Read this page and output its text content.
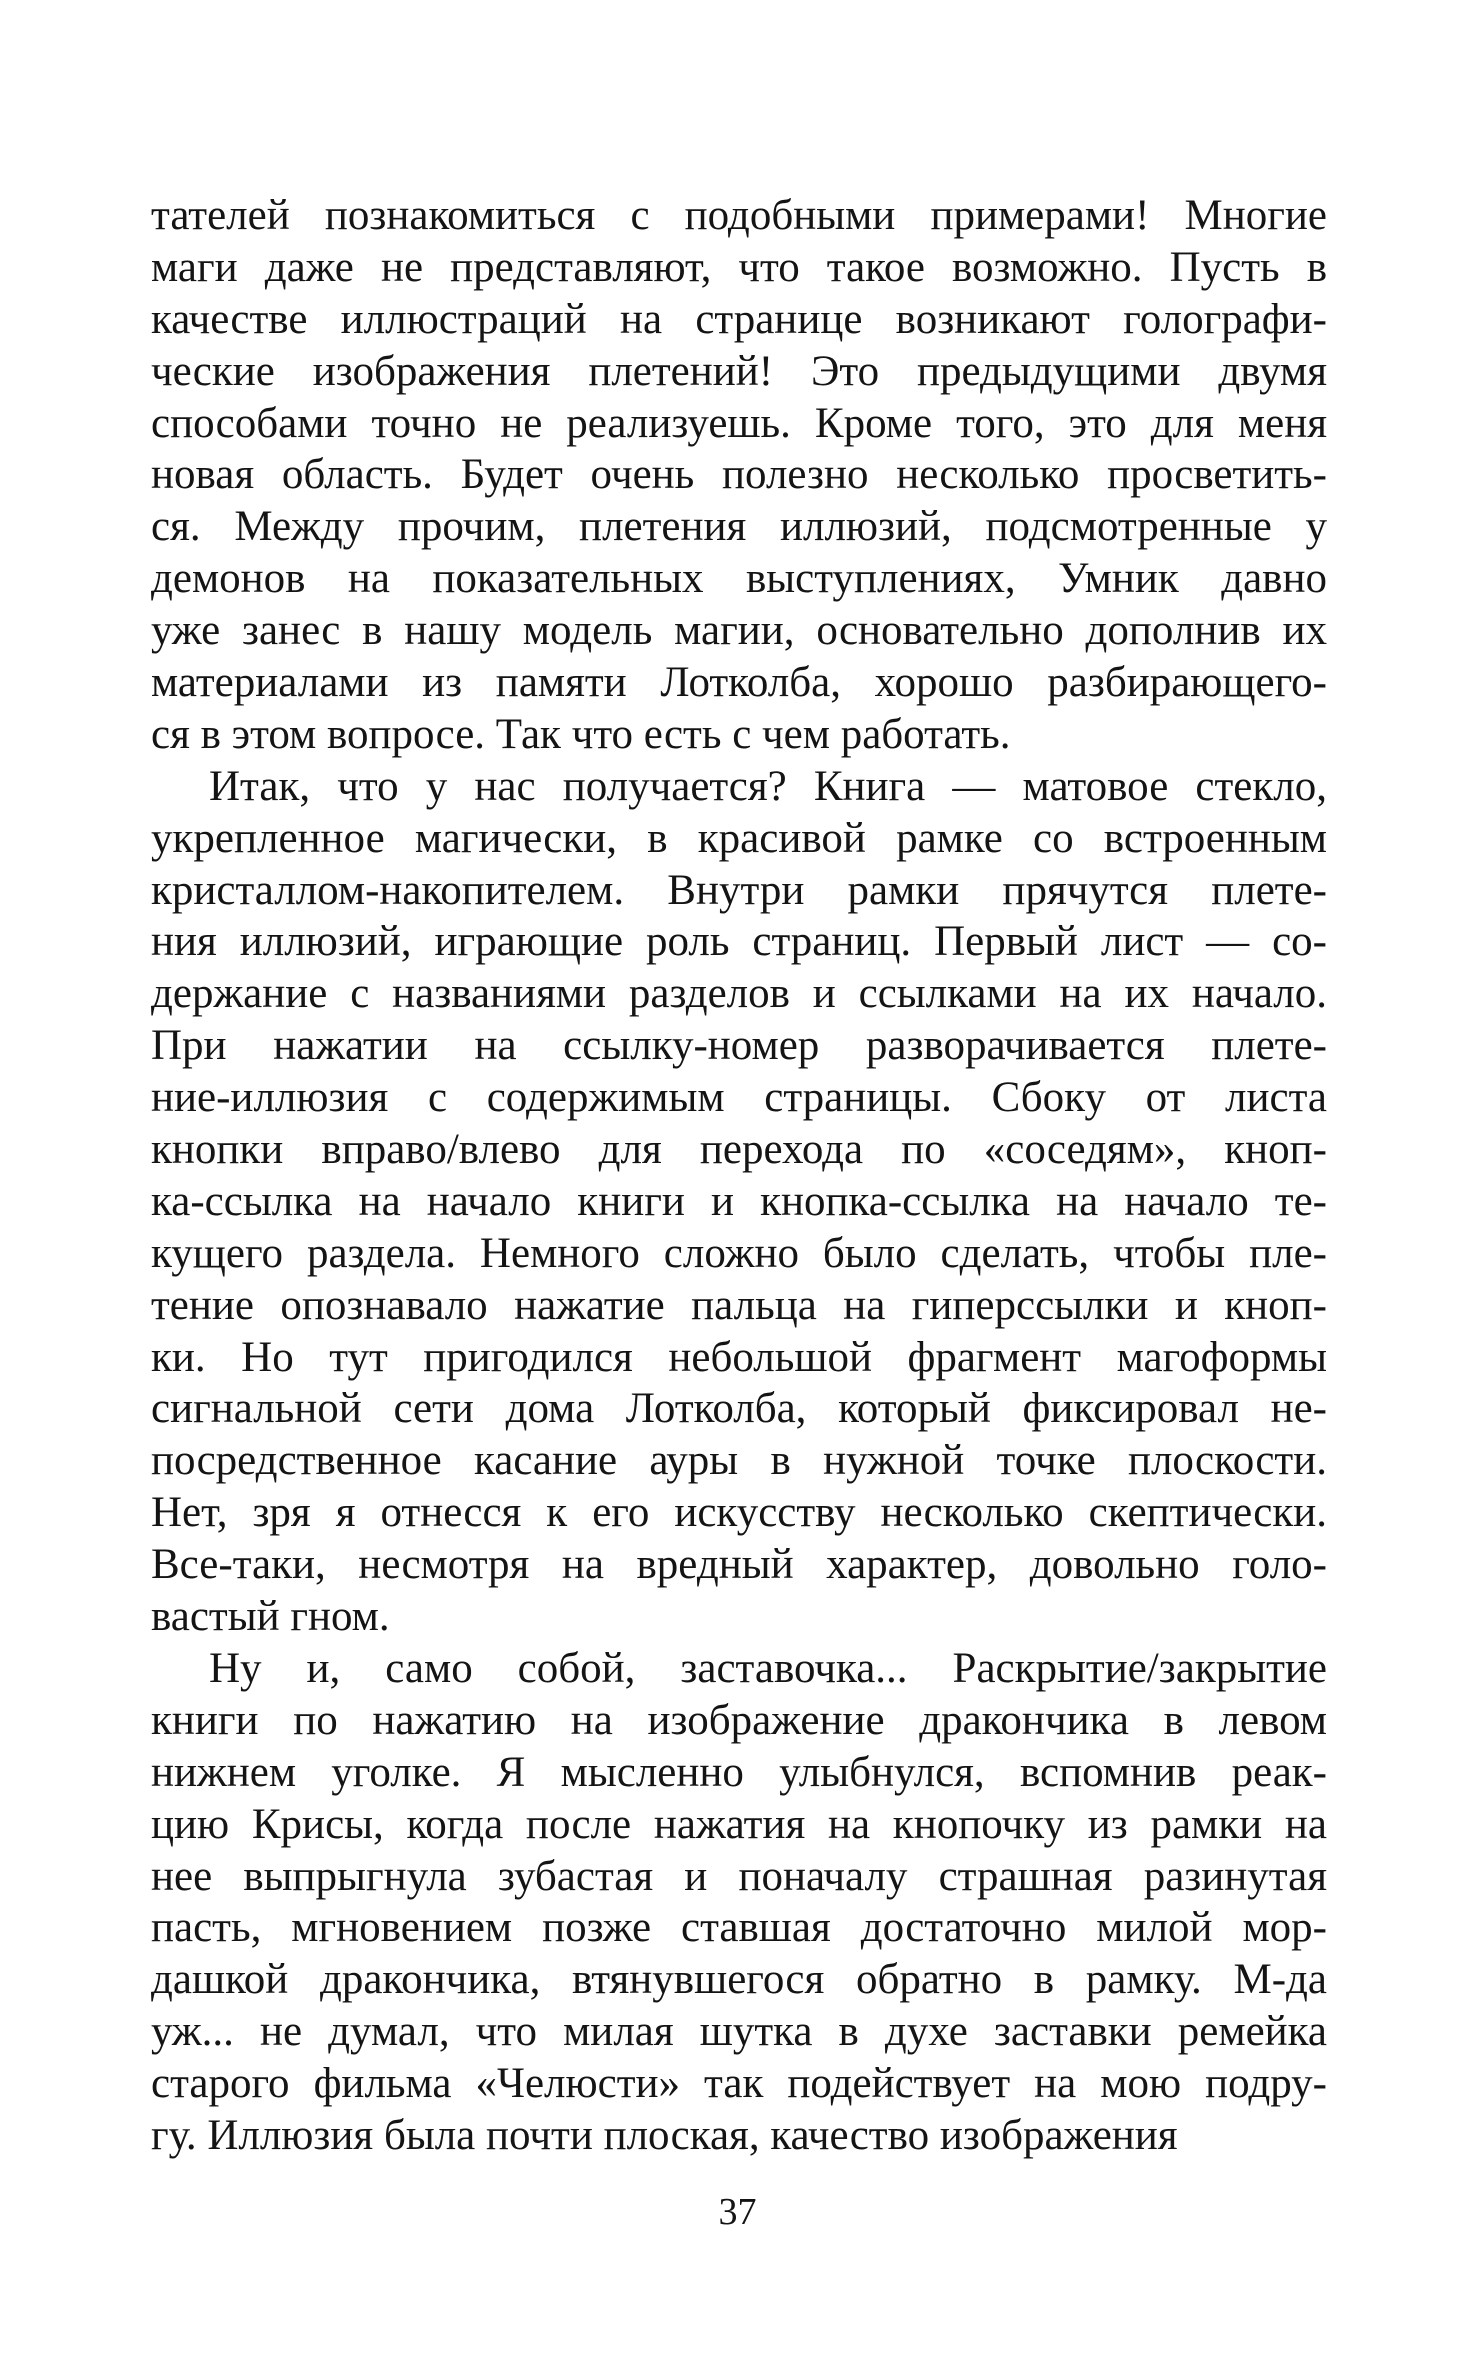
тателей познакомиться с подобными примерами! Многие
маги даже не представляют, что такое возможно. Пусть в
качестве иллюстраций на странице возникают голографи-
ческие изображения плетений! Это предыдущими двумя
способами точно не реализуешь. Кроме того, это для меня
новая область. Будет очень полезно несколько просветить-
ся. Между прочим, плетения иллюзий, подсмотренные у
демонов на показательных выступлениях, Умник давно
уже занес в нашу модель магии, основательно дополнив их
материалами из памяти Лотколба, хорошо разбирающего-
ся в этом вопросе. Так что есть с чем работать.
Итак, что у нас получается? Книга — матовое стекло,
укрепленное магически, в красивой рамке со встроенным
кристаллом-накопителем. Внутри рамки прячутся плете-
ния иллюзий, играющие роль страниц. Первый лист — со-
держание с названиями разделов и ссылками на их начало.
При нажатии на ссылку-номер разворачивается плете-
ние-иллюзия с содержимым страницы. Сбоку от листа
кнопки вправо/влево для перехода по «соседям», кноп-
ка-ссылка на начало книги и кнопка-ссылка на начало те-
кущего раздела. Немного сложно было сделать, чтобы пле-
тение опознавало нажатие пальца на гиперссылки и кноп-
ки. Но тут пригодился небольшой фрагмент магоформы
сигнальной сети дома Лотколба, который фиксировал не-
посредственное касание ауры в нужной точке плоскости.
Нет, зря я отнесся к его искусству несколько скептически.
Все-таки, несмотря на вредный характер, довольно голо-
вастый гном.
Ну и, само собой, заставочка... Раскрытие/закрытие
книги по нажатию на изображение дракончика в левом
нижнем уголке. Я мысленно улыбнулся, вспомнив реак-
цию Крисы, когда после нажатия на кнопочку из рамки на
нее выпрыгнула зубастая и поначалу страшная разинутая
пасть, мгновением позже ставшая достаточно милой мор-
дашкой дракончика, втянувшегося обратно в рамку. М-да
уж... не думал, что милая шутка в духе заставки ремейка
старого фильма «Челюсти» так подействует на мою подру-
гу. Иллюзия была почти плоская, качество изображения
37
